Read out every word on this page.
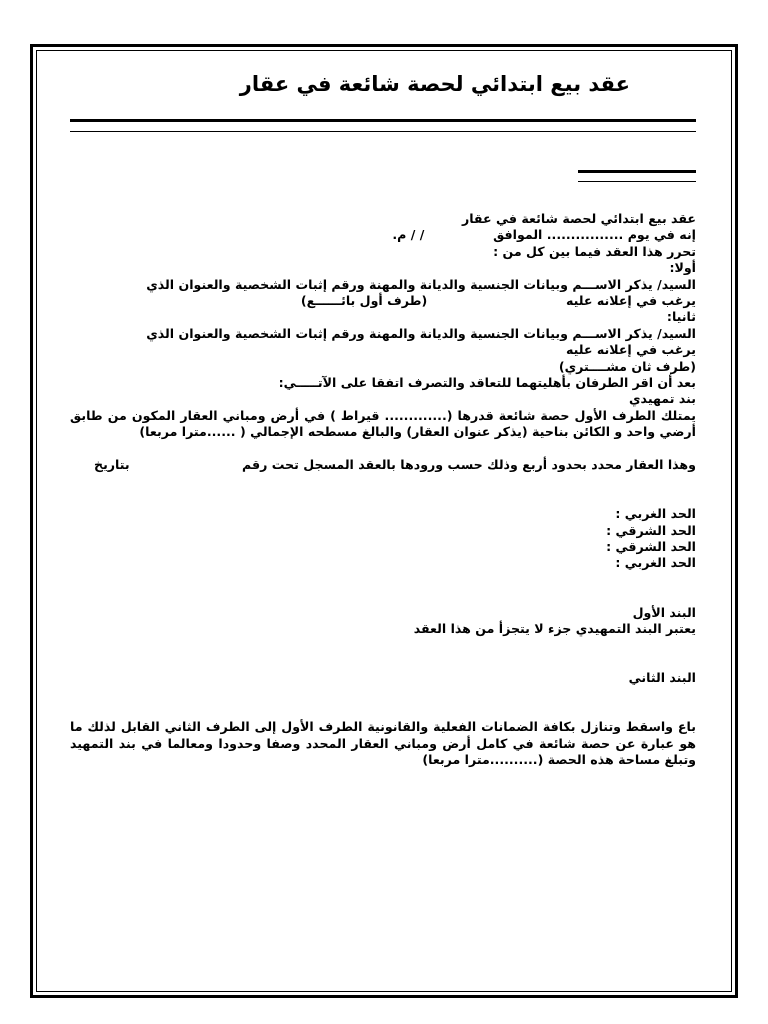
عقد بيع ابتدائي لحصة شائعة في عقار

عقد بيع ابتدائي لحصة شائعة في عقار

إنه في يوم ................ الموافق  / / م.

تحرر هذا العقد فيما بين كل من :

أولا:

السيد/ يذكر الاســـم وبيانات الجنسية والديانة والمهنة ورقم إثبات الشخصية والعنوان الذي

يرغب في إعلانه عليه  (طرف أول بائــــــع)

ثانيا:

السيد/ يذكر الاســـم وبيانات الجنسية والديانة والمهنة ورقم إثبات الشخصية والعنوان الذي

يرغب في إعلانه عليه

(طرف ثان مشــــتري)

بعد أن اقر الطرفان بأهليتهما للتعاقد والتصرف اتفقا على الآتـــــي:

بند تمهيدي

يمتلك الطرف الأول حصة شائعة قدرها (............. قيراط ) في أرض ومباني العقار المكون من طابق أرضي واحد و الكائن بناحية (يذكر عنوان العقار) والبالغ مسطحه الإجمالي ( ......مترا مربعا)

وهذا العقار محدد بحدود أربع وذلك حسب ورودها بالعقد المسجل تحت رقم
بتاريخ

الحد الغربي :

الحد الشرقي :

الحد الشرقي :

الحد الغربي :

البند الأول

يعتبر البند التمهيدي جزء لا يتجزأ من هذا العقد

البند الثاني

باع واسقط وتنازل بكافة الضمانات الفعلية والقانونية الطرف الأول إلى الطرف الثاني القابل لذلك ما هو عبارة عن حصة شائعة في كامل أرض ومباني العقار المحدد وصفا وحدودا ومعالما في بند التمهيد وتبلغ مساحة هذه الحصة (..........مترا مربعا)
